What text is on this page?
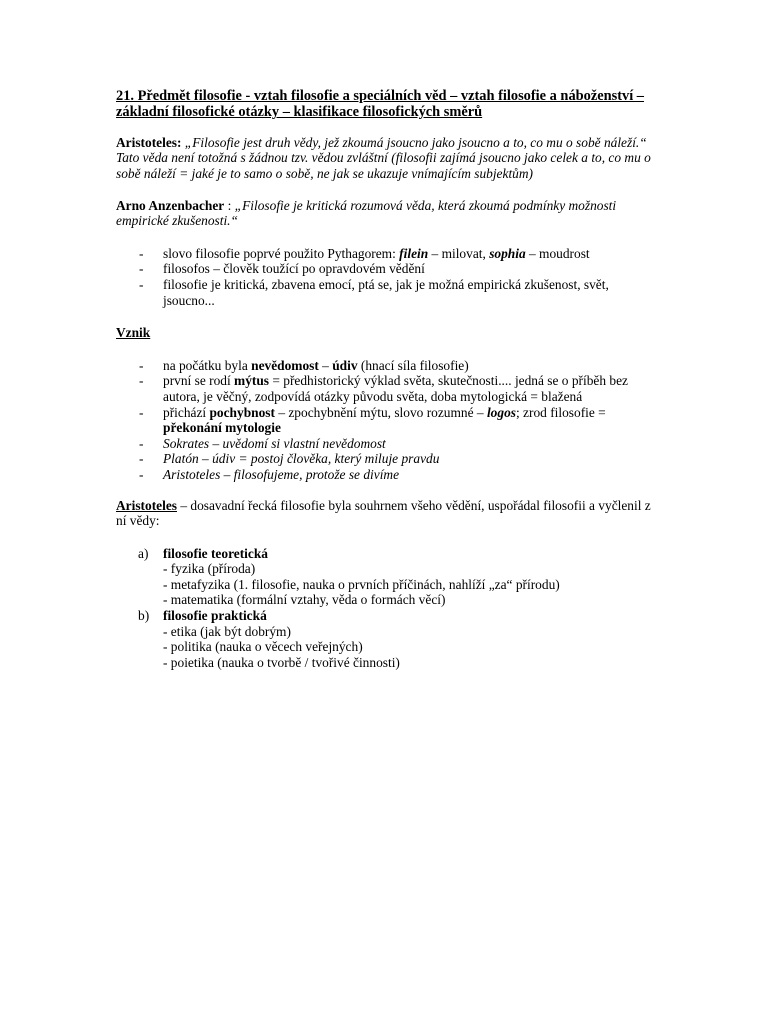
21. Předmět filosofie - vztah filosofie a speciálních věd – vztah filosofie a náboženství – základní filosofické otázky – klasifikace filosofických směrů

Aristoteles: „Filosofie jest druh vědy, jež zkoumá jsoucno jako jsoucno a to, co mu o sobě náleží.“ Tato věda není totožná s žádnou tzv. vědou zvláštní (filosofii zajímá jsoucno jako celek a to, co mu o sobě náleží = jaké je to samo o sobě, ne jak se ukazuje vnímajícím subjektům)

Arno Anzenbacher : „Filosofie je kritická rozumová věda, která zkoumá podmínky možnosti empirické zkušenosti.“

- slovo filosofie poprvé použito Pythagorem: filein – milovat, sophia – moudrost
- filosofos – člověk toužící po opravdovém vědění
- filosofie je kritická, zbavena emocí, ptá se, jak je možná empirická zkušenost, svět, jsoucno...

Vznik

- na počátku byla nevědomost – údiv (hnací síla filosofie)
- první se rodí mýtus = předhistorický výklad světa, skutečnosti.... jedná se o příběh bez autora, je věčný, zodpovídá otázky původu světa, doba mytologická = blažená
- přichází pochybnost – zpochybnění mýtu, slovo rozumné – logos; zrod filosofie = překonání mytologie
- Sokrates – uvědomí si vlastní nevědomost
- Platón – údiv = postoj člověka, který miluje pravdu
- Aristoteles – filosofujeme, protože se divíme

Aristoteles – dosavadní řecká filosofie byla souhrnem všeho vědění, uspořádal filosofii a vyčlenil z ní vědy:

a) filosofie teoretická
- fyzika (příroda)
- metafyzika (1. filosofie, nauka o prvních příčinách, nahlíží „za“ přírodu)
- matematika (formální vztahy, věda o formách věcí)
b) filosofie praktická
- etika (jak být dobrým)
- politika (nauka o věcech veřejných)
- poietika (nauka o tvorbě / tvořivé činnosti)
